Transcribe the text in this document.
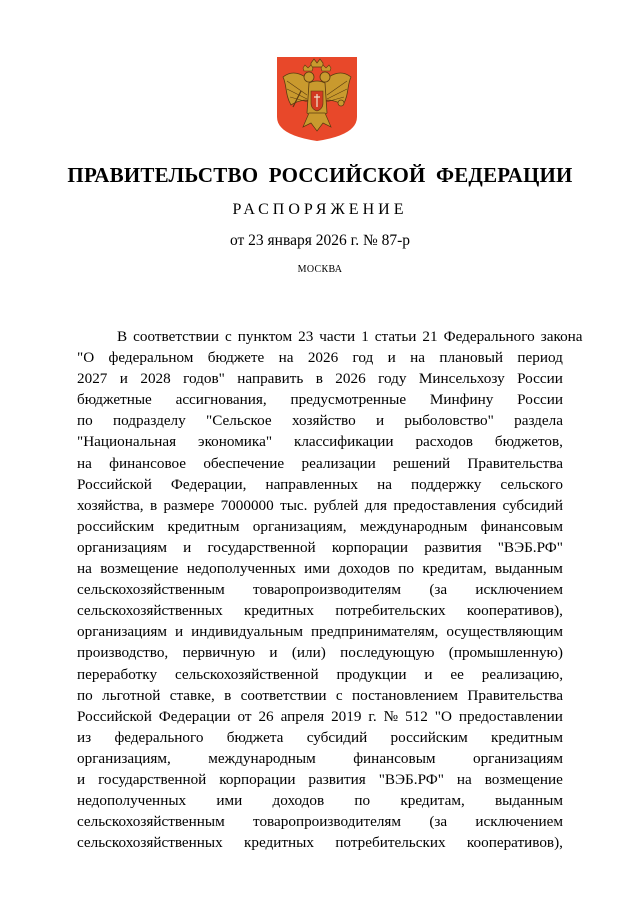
ПРАВИТЕЛЬСТВО РОССИЙСКОЙ ФЕДЕРАЦИИ
РАСПОРЯЖЕНИЕ
от 23 января 2026 г. № 87-р
МОСКВА
В соответствии с пунктом 23 части 1 статьи 21 Федерального закона
"О федеральном бюджете на 2026 год и на плановый период
2027 и 2028 годов" направить в 2026 году Минсельхозу России
бюджетные ассигнования, предусмотренные Минфину России
по подразделу "Сельское хозяйство и рыболовство" раздела
"Национальная экономика" классификации расходов бюджетов,
на финансовое обеспечение реализации решений Правительства
Российской Федерации, направленных на поддержку сельского
хозяйства, в размере 7000000 тыс. рублей для предоставления субсидий
российским кредитным организациям, международным финансовым
организациям и государственной корпорации развития "ВЭБ.РФ"
на возмещение недополученных ими доходов по кредитам, выданным
сельскохозяйственным товаропроизводителям (за исключением
сельскохозяйственных кредитных потребительских кооперативов),
организациям и индивидуальным предпринимателям, осуществляющим
производство, первичную и (или) последующую (промышленную)
переработку сельскохозяйственной продукции и ее реализацию,
по льготной ставке, в соответствии с постановлением Правительства
Российской Федерации от 26 апреля 2019 г. № 512 "О предоставлении
из федерального бюджета субсидий российским кредитным
организациям, международным финансовым организациям
и государственной корпорации развития "ВЭБ.РФ" на возмещение
недополученных ими доходов по кредитам, выданным
сельскохозяйственным товаропроизводителям (за исключением
сельскохозяйственных кредитных потребительских кооперативов),
